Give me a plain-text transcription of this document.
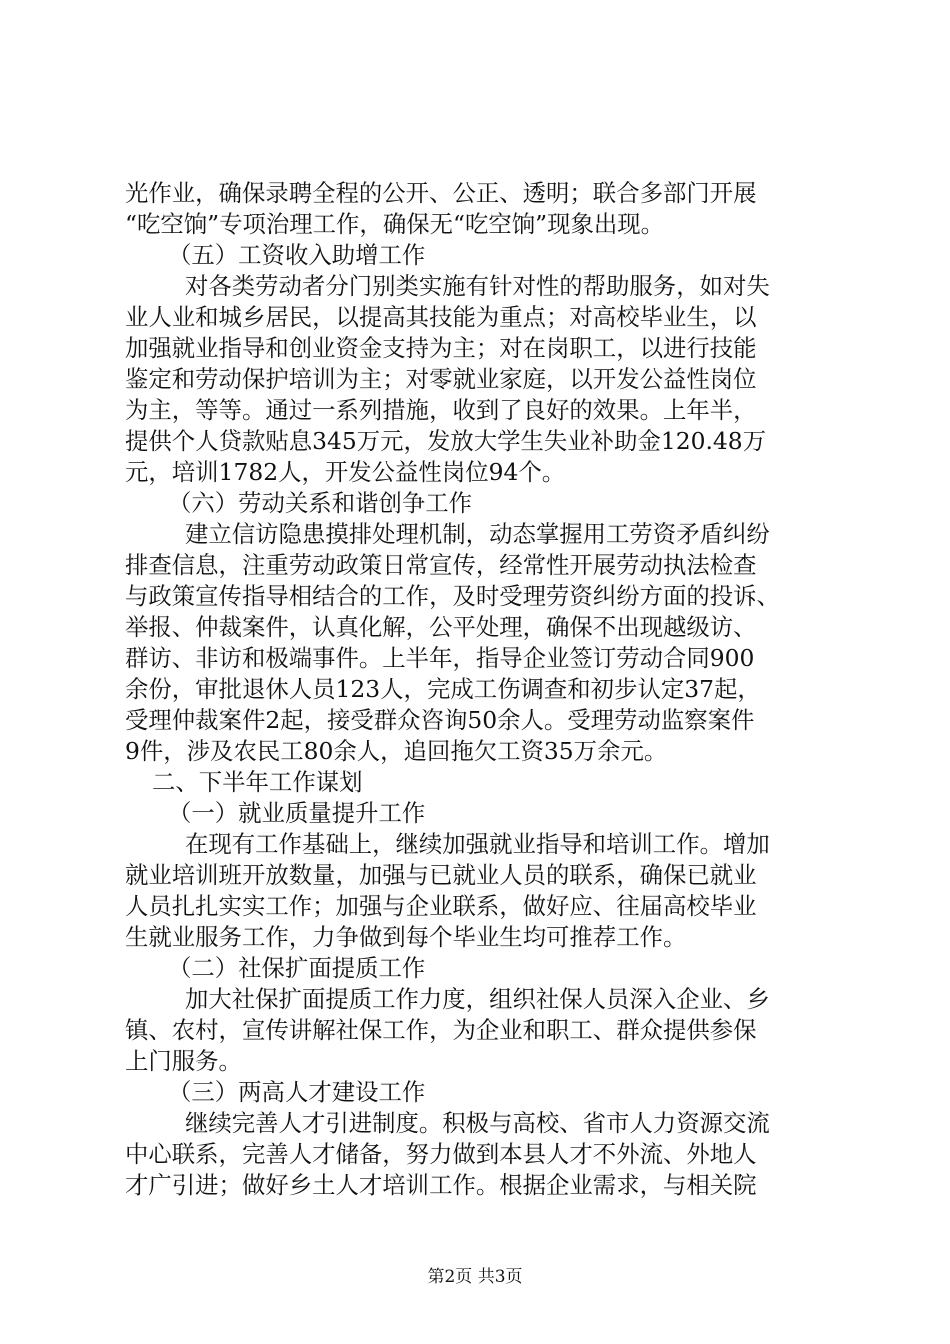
光作业，确保录聘全程的公开、公正、透明；联合多部门开展
“吃空饷”专项治理工作，确保无“吃空饷”现象出现。
（五）工资收入助增工作
对各类劳动者分门别类实施有针对性的帮助服务，如对失
业人业和城乡居民，以提高其技能为重点；对高校毕业生，以
加强就业指导和创业资金支持为主；对在岗职工，以进行技能
鉴定和劳动保护培训为主；对零就业家庭，以开发公益性岗位
为主，等等。通过一系列措施，收到了良好的效果。上年半，
提供个人贷款贴息345万元，发放大学生失业补助金120.48万
元，培训1782人，开发公益性岗位94个。
（六）劳动关系和谐创争工作
建立信访隐患摸排处理机制，动态掌握用工劳资矛盾纠纷
排查信息，注重劳动政策日常宣传，经常性开展劳动执法检查
与政策宣传指导相结合的工作，及时受理劳资纠纷方面的投诉、
举报、仲裁案件，认真化解，公平处理，确保不出现越级访、
群访、非访和极端事件。上半年，指导企业签订劳动合同900
余份，审批退休人员123人，完成工伤调查和初步认定37起，
受理仲裁案件2起，接受群众咨询50余人。受理劳动监察案件
9件，涉及农民工80余人，追回拖欠工资35万余元。
二、下半年工作谋划
（一）就业质量提升工作
在现有工作基础上，继续加强就业指导和培训工作。增加
就业培训班开放数量，加强与已就业人员的联系，确保已就业
人员扎扎实实工作；加强与企业联系，做好应、往届高校毕业
生就业服务工作，力争做到每个毕业生均可推荐工作。
（二）社保扩面提质工作
加大社保扩面提质工作力度，组织社保人员深入企业、乡
镇、农村，宣传讲解社保工作，为企业和职工、群众提供参保
上门服务。
（三）两高人才建设工作
继续完善人才引进制度。积极与高校、省市人力资源交流
中心联系，完善人才储备，努力做到本县人才不外流、外地人
才广引进；做好乡土人才培训工作。根据企业需求，与相关院
第2页 共3页
